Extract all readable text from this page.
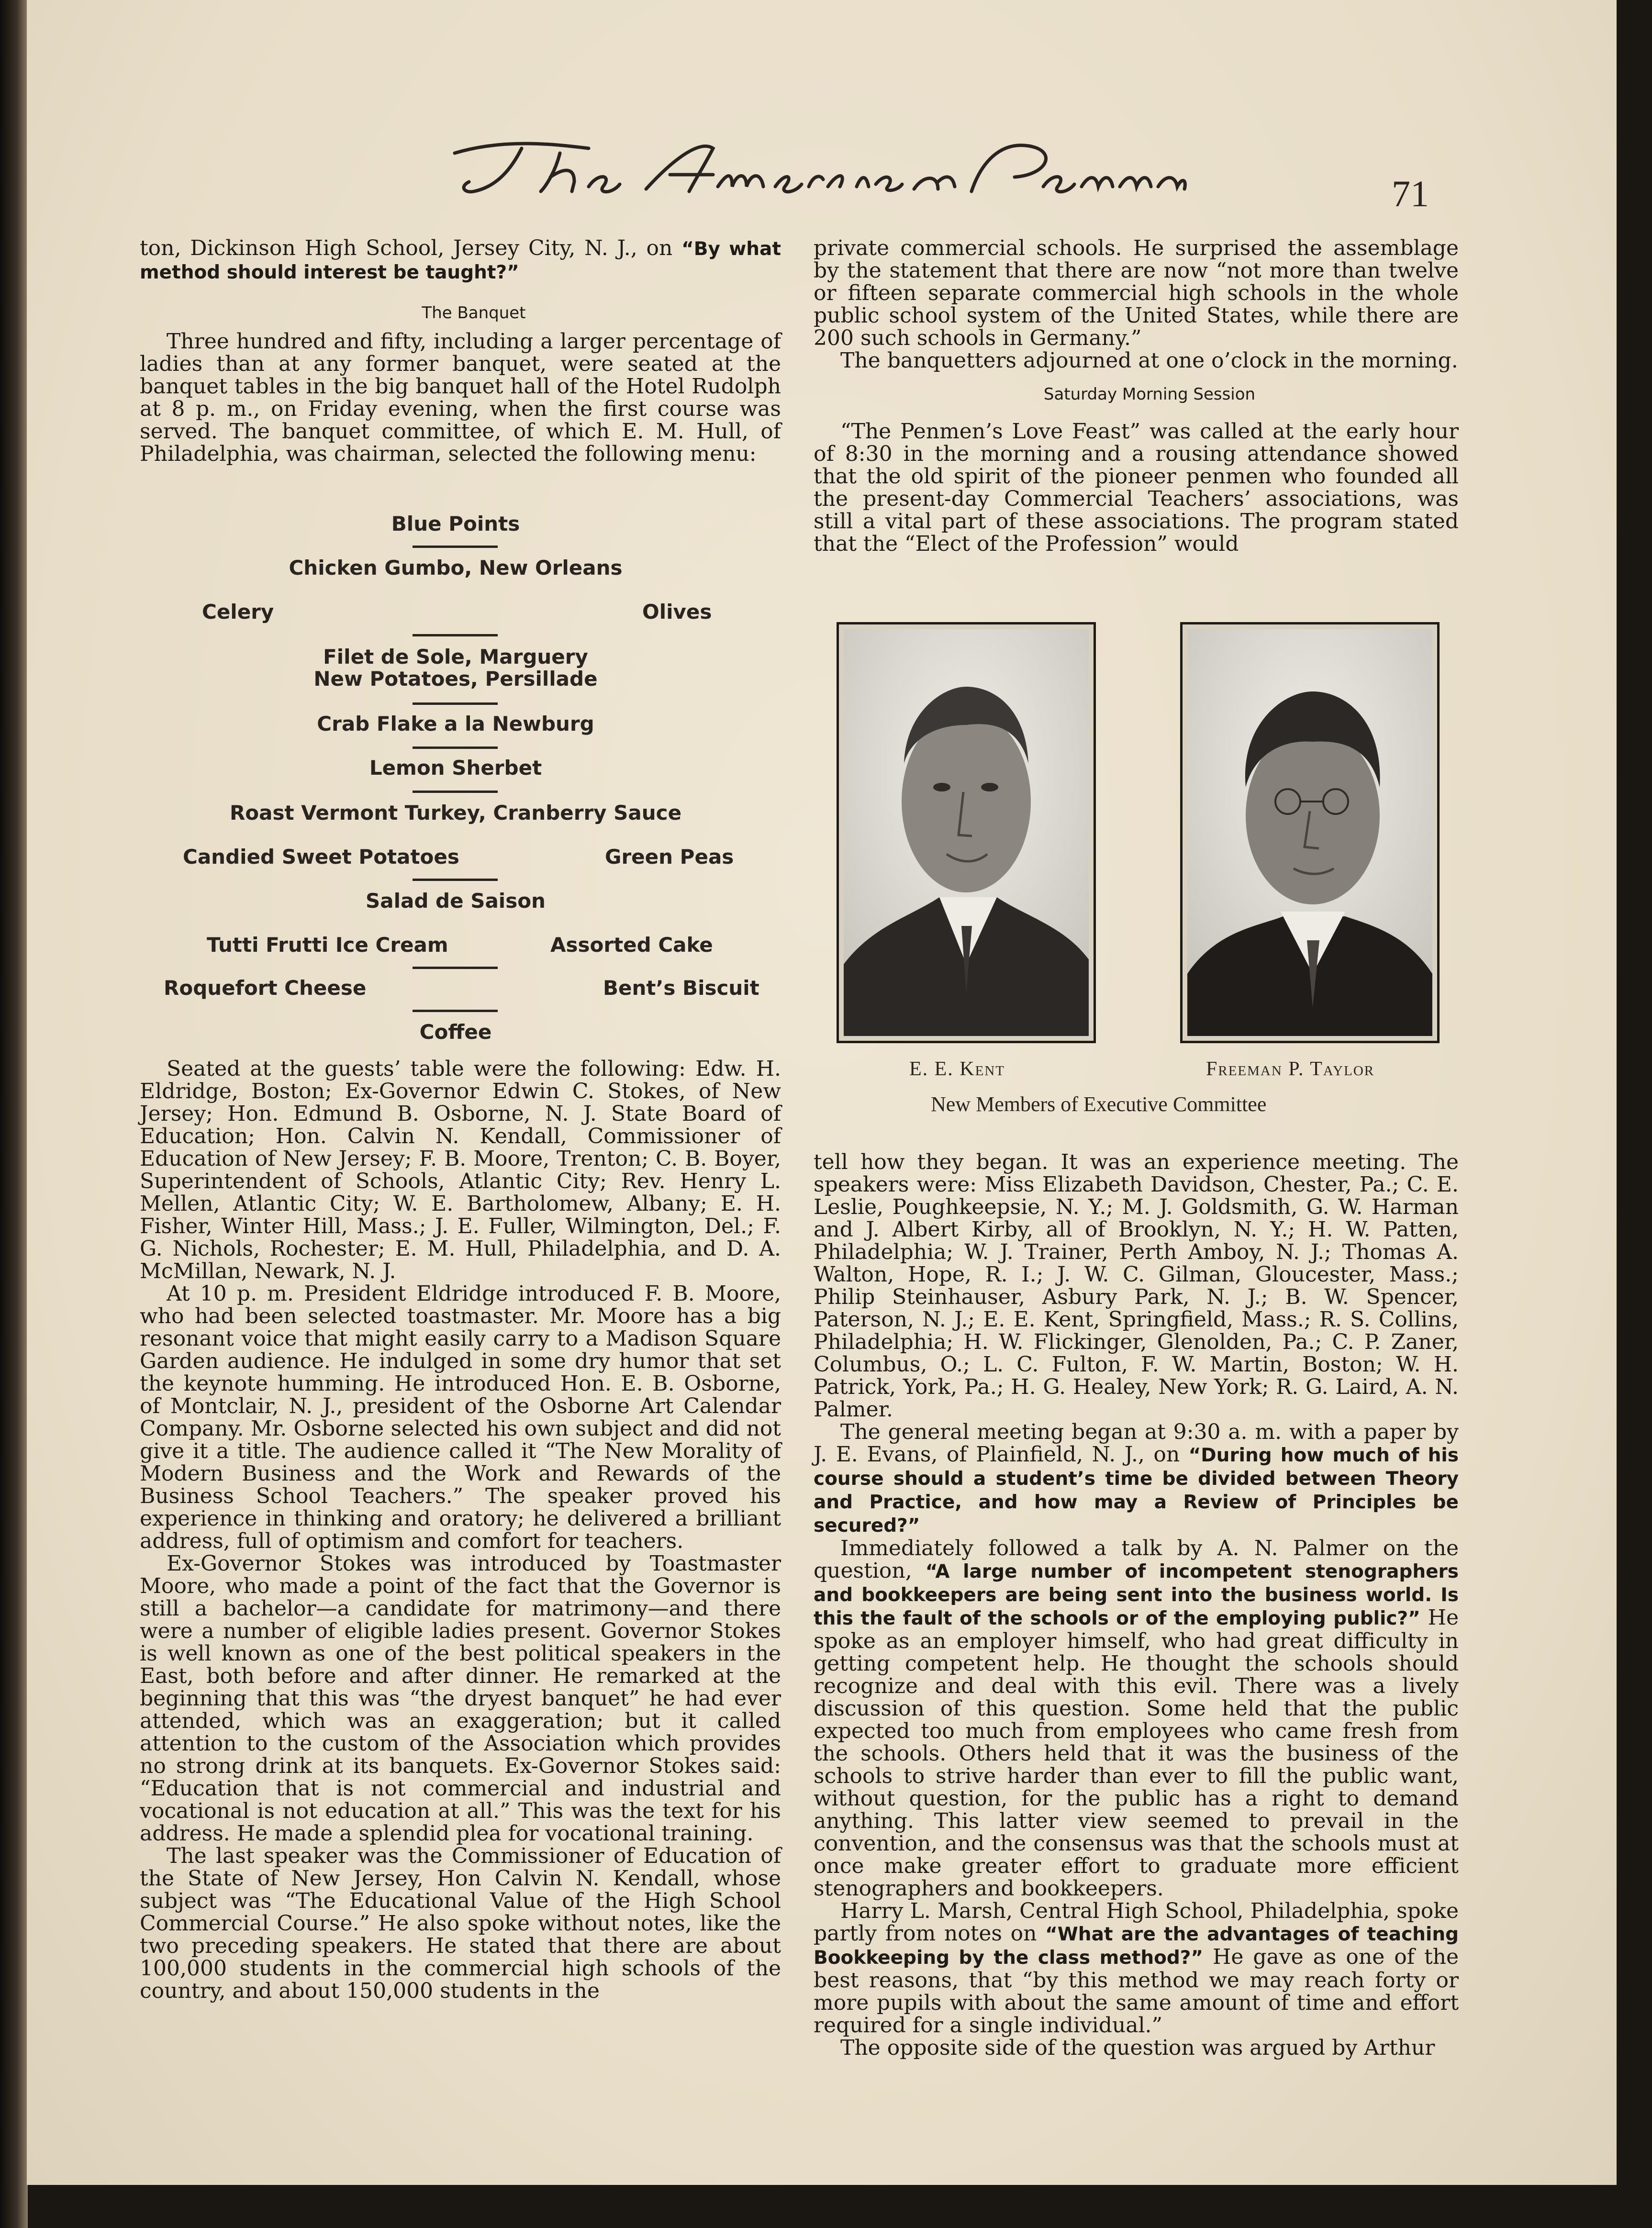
71

ton, Dickinson High School, Jersey City, N. J., on “By what method should interest be taught?”

The Banquet

Three hundred and fifty, including a larger percentage of ladies than at any former banquet, were seated at the banquet tables in the big banquet hall of the Hotel Rudolph at 8 p. m., on Friday evening, when the first course was served. The banquet committee, of which E. M. Hull, of Philadelphia, was chairman, selected the following menu:

Blue Points
Chicken Gumbo, New Orleans
Celery	Olives
Filet de Sole, Marguery
New Potatoes, Persillade
Crab Flake a la Newburg
Lemon Sherbet
Roast Vermont Turkey, Cranberry Sauce
Candied Sweet Potatoes	Green Peas
Salad de Saison
Tutti Frutti Ice Cream	Assorted Cake
Roquefort Cheese	Bent’s Biscuit
Coffee

Seated at the guests’ table were the following: Edw. H. Eldridge, Boston; Ex-Governor Edwin C. Stokes, of New Jersey; Hon. Edmund B. Osborne, N. J. State Board of Education; Hon. Calvin N. Kendall, Commissioner of Education of New Jersey; F. B. Moore, Trenton; C. B. Boyer, Superintendent of Schools, Atlantic City; Rev. Henry L. Mellen, Atlantic City; W. E. Bartholomew, Albany; E. H. Fisher, Winter Hill, Mass.; J. E. Fuller, Wilmington, Del.; F. G. Nichols, Rochester; E. M. Hull, Philadelphia, and D. A. McMillan, Newark, N. J.

At 10 p. m. President Eldridge introduced F. B. Moore, who had been selected toastmaster. Mr. Moore has a big resonant voice that might easily carry to a Madison Square Garden audience. He indulged in some dry humor that set the keynote humming. He introduced Hon. E. B. Osborne, of Montclair, N. J., president of the Osborne Art Calendar Company. Mr. Osborne selected his own subject and did not give it a title. The audience called it “The New Morality of Modern Business and the Work and Rewards of the Business School Teachers.” The speaker proved his experience in thinking and oratory; he delivered a brilliant address, full of optimism and comfort for teachers.

Ex-Governor Stokes was introduced by Toastmaster Moore, who made a point of the fact that the Governor is still a bachelor—a candidate for matrimony—and there were a number of eligible ladies present. Governor Stokes is well known as one of the best political speakers in the East, both before and after dinner. He remarked at the beginning that this was “the dryest banquet” he had ever attended, which was an exaggeration; but it called attention to the custom of the Association which provides no strong drink at its banquets. Ex-Governor Stokes said: “Education that is not commercial and industrial and vocational is not education at all.” This was the text for his address. He made a splendid plea for vocational training.

The last speaker was the Commissioner of Education of the State of New Jersey, Hon Calvin N. Kendall, whose subject was “The Educational Value of the High School Commercial Course.” He also spoke without notes, like the two preceding speakers. He stated that there are about 100,000 students in the commercial high schools of the country, and about 150,000 students in the

private commercial schools. He surprised the assemblage by the statement that there are now “not more than twelve or fifteen separate commercial high schools in the whole public school system of the United States, while there are 200 such schools in Germany.”

The banquetters adjourned at one o’clock in the morning.

Saturday Morning Session

“The Penmen’s Love Feast” was called at the early hour of 8:30 in the morning and a rousing attendance showed that the old spirit of the pioneer penmen who founded all the present-day Commercial Teachers’ associations, was still a vital part of these associations. The program stated that the “Elect of the Profession” would

E. E. Kent	Freeman P. Taylor
New Members of Executive Committee

tell how they began. It was an experience meeting. The speakers were: Miss Elizabeth Davidson, Chester, Pa.; C. E. Leslie, Poughkeepsie, N. Y.; M. J. Goldsmith, G. W. Harman and J. Albert Kirby, all of Brooklyn, N. Y.; H. W. Patten, Philadelphia; W. J. Trainer, Perth Amboy, N. J.; Thomas A. Walton, Hope, R. I.; J. W. C. Gilman, Gloucester, Mass.; Philip Steinhauser, Asbury Park, N. J.; B. W. Spencer, Paterson, N. J.; E. E. Kent, Springfield, Mass.; R. S. Collins, Philadelphia; H. W. Flickinger, Glenolden, Pa.; C. P. Zaner, Columbus, O.; L. C. Fulton, F. W. Martin, Boston; W. H. Patrick, York, Pa.; H. G. Healey, New York; R. G. Laird, A. N. Palmer.

The general meeting began at 9:30 a. m. with a paper by J. E. Evans, of Plainfield, N. J., on “During how much of his course should a student’s time be divided between Theory and Practice, and how may a Review of Principles be secured?”

Immediately followed a talk by A. N. Palmer on the question, “A large number of incompetent stenographers and bookkeepers are being sent into the business world. Is this the fault of the schools or of the employing public?” He spoke as an employer himself, who had great difficulty in getting competent help. He thought the schools should recognize and deal with this evil. There was a lively discussion of this question. Some held that the public expected too much from employees who came fresh from the schools. Others held that it was the business of the schools to strive harder than ever to fill the public want, without question, for the public has a right to demand anything. This latter view seemed to prevail in the convention, and the consensus was that the schools must at once make greater effort to graduate more efficient stenographers and bookkeepers.

Harry L. Marsh, Central High School, Philadelphia, spoke partly from notes on “What are the advantages of teaching Bookkeeping by the class method?” He gave as one of the best reasons, that “by this method we may reach forty or more pupils with about the same amount of time and effort required for a single individual.”

The opposite side of the question was argued by Arthur
